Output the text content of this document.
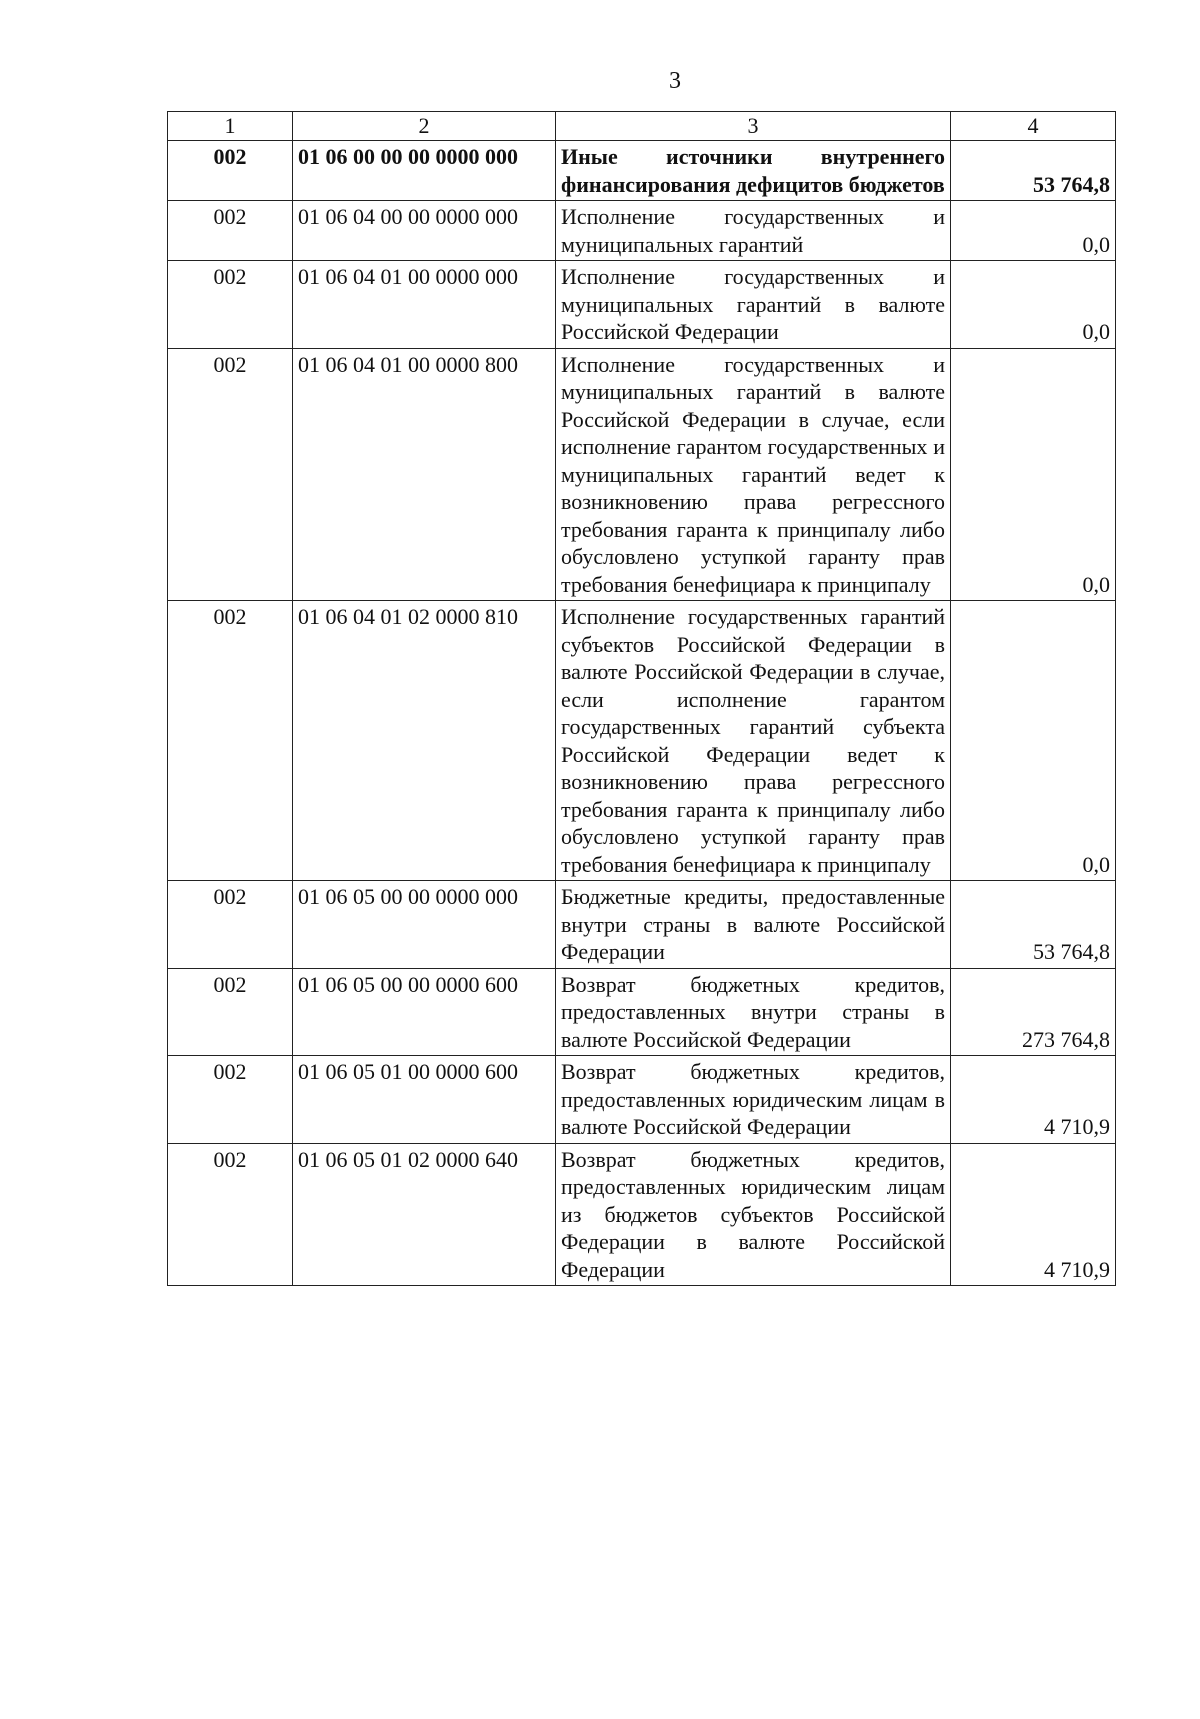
3
1	2	3	4
002	01 06 00 00 00 0000 000	Иные источники внутреннего финансирования дефицитов бюджетов	53 764,8
002	01 06 04 00 00 0000 000	Исполнение государственных и муниципальных гарантий	0,0
002	01 06 04 01 00 0000 000	Исполнение государственных и муниципальных гарантий в валюте Российской Федерации	0,0
002	01 06 04 01 00 0000 800	Исполнение государственных и муниципальных гарантий в валюте Российской Федерации в случае, если исполнение гарантом государственных и муниципальных гарантий ведет к возникновению права регрессного требования гаранта к принципалу либо обусловлено уступкой гаранту прав требования бенефициара к принципалу	0,0
002	01 06 04 01 02 0000 810	Исполнение государственных гарантий субъектов Российской Федерации в валюте Российской Федерации в случае, если исполнение гарантом государственных гарантий субъекта Российской Федерации ведет к возникновению права регрессного требования гаранта к принципалу либо обусловлено уступкой гаранту прав требования бенефициара к принципалу	0,0
002	01 06 05 00 00 0000 000	Бюджетные кредиты, предоставленные внутри страны в валюте Российской Федерации	53 764,8
002	01 06 05 00 00 0000 600	Возврат бюджетных кредитов, предоставленных внутри страны в валюте Российской Федерации	273 764,8
002	01 06 05 01 00 0000 600	Возврат бюджетных кредитов, предоставленных юридическим лицам в валюте Российской Федерации	4 710,9
002	01 06 05 01 02 0000 640	Возврат бюджетных кредитов, предоставленных юридическим лицам из бюджетов субъектов Российской Федерации в валюте Российской Федерации	4 710,9
